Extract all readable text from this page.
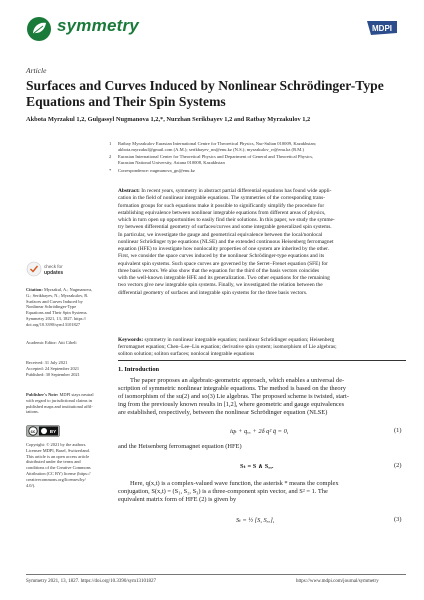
symmetry	MDPI
Article
Surfaces and Curves Induced by Nonlinear Schrödinger-Type
Equations and Their Spin Systems
Akbota Myrzakul 1,2, Gulgassyl Nugmanova 1,2,*, Nurzhan Serikbayev 1,2 and Ratbay Myrzakulov 1,2
1 Ratbay Myrzakulov Eurasian International Centre for Theoretical Physics, Nur-Sultan 010009, Kazakhstan;
akbota.myrzakul@gmail.com (A.M.); serikbayev_nn@enu.kz (N.S.); myrzakulov_rr@enu.kz (R.M.)
2 Eurasian International Center for Theoretical Physics and Department of General and Theoretical Physics,
Eurasian National University, Astana 010008, Kazakhstan
* Correspondence: nugmanova_gn@enu.kz
Abstract: In recent years, symmetry in abstract partial differential equations has found wide appli-
cation in the field of nonlinear integrable equations. The symmetries of the corresponding trans-
formation groups for such equations make it possible to significantly simplify the procedure for
establishing equivalence between nonlinear integrable equations from different areas of physics,
which in turn open up opportunities to easily find their solutions. In this paper, we study the symme-
try between differential geometry of surfaces/curves and some integrable generalized spin systems.
In particular, we investigate the gauge and geometrical equivalence between the local/nonlocal
nonlinear Schrödinger type equations (NLSE) and the extended continuous Heisenberg ferromagnet
equation (HFE) to investigate how nonlocality properties of one system are inherited by the other.
First, we consider the space curves induced by the nonlinear Schrödinger-type equations and its
equivalent spin systems. Such space curves are governed by the Serret–Frenet equation (SFE) for
three basis vectors. We also show that the equation for the third of the basis vectors coincides
with the well-known integrable HFE and its generalization. Two other equations for the remaining
two vectors give new integrable spin systems. Finally, we investigated the relation between the
differential geometry of surfaces and integrable spin systems for the three basis vectors.
Keywords: symmetry in nonlinear integrable equation; nonlinear Schrödinger equation; Heisenberg
ferromagnet equation; Chen–Lee–Liu equation; derivative spin system; isomorphism of Lie algebras;
soliton solution; soliton surfaces; nonlocal integrable equations
check for
updates
Citation: Myrzakul, A.; Nugmanova,
G.; Serikbayev, N.; Myrzakulov, R.
Surfaces and Curves Induced by
Nonlinear Schrödinger-Type
Equations and Their Spin Systems.
Symmetry 2021, 13, 1827. https://
doi.org/10.3390/sym13101827
Academic Editor: Atti Cibeli
Received: 31 July 2021
Accepted: 24 September 2021
Published: 30 September 2021
Publisher's Note: MDPI stays neutral
with regard to jurisdictional claims in
published maps and institutional affil-
iations.
cc	BY
Copyright: © 2021 by the authors.
Licensee MDPI, Basel, Switzerland.
This article is an open access article
distributed under the terms and
conditions of the Creative Commons
Attribution (CC BY) license (https://
creativecommons.org/licenses/by/
4.0/).
1. Introduction
The paper proposes an algebraic-geometric approach, which enables a universal de-
scription of symmetric nonlinear integrable equations. The method is based on the theory
of isomorphism of the su(2) and so(3) Lie algebras. The proposed scheme is twisted, start-
ing from the previously known results in [1,2], where geometric and gauge equivalences
are established, respectively, between the nonlinear Schrödinger equation (NLSE)
iqₜ + qₓₓ + 2δ q² q̄ = 0,	(1)
and the Heisenberg ferromagnet equation (HFE)
Sₜ = S ∧ Sₓₓ.	(2)
Here, q(x,t) is a complex-valued wave function, the asterisk * means the complex
conjugation, S(x,t) = (S₁, S₂, S₃) is a three-component spin vector, and S² = 1. The
equivalent matrix form of HFE (2) is given by
Sₜ = ½ [S, Sₓₓ],	(3)
Symmetry 2021, 13, 1827. https://doi.org/10.3390/sym13101827	https://www.mdpi.com/journal/symmetry
